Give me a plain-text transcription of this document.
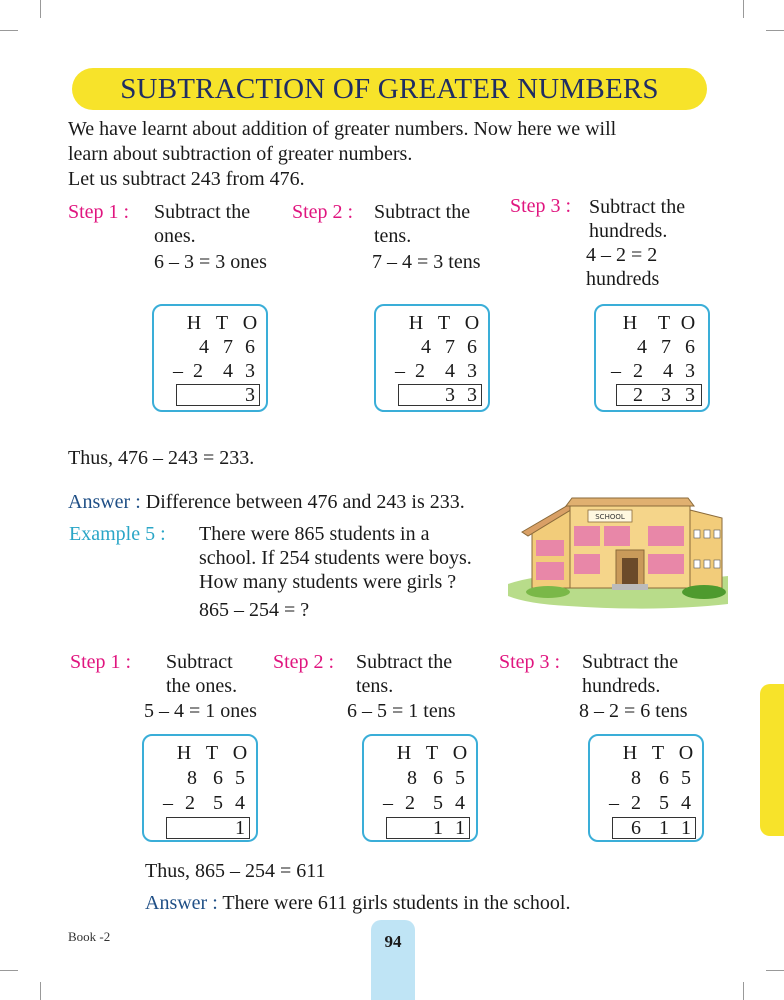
SUBTRACTION OF GREATER NUMBERS
We have learnt about addition of greater numbers. Now here we will
learn about subtraction of greater numbers.
Let us subtract 243 from 476.
Step 1 : Subtract the
ones.
6 – 3 = 3 ones
Step 2 : Subtract the
tens.
7 – 4 = 3 tens
Step 3 : Subtract the
hundreds.
4 – 2 = 2
hundreds
H T O
4 7 6
– 2 4 3
3
H T O
4 7 6
– 2 4 3
3 3
H T O
4 7 6
– 2 4 3
2 3 3
Thus, 476 – 243 = 233.
Answer : Difference between 476 and 243 is 233.
Example 5 : There were 865 students in a
school. If 254 students were boys.
How many students were girls ?
865 – 254 = ?
SCHOOL
Step 1 : Subtract
the ones.
5 – 4 = 1 ones
Step 2 : Subtract the
tens.
6 – 5 = 1 tens
Step 3 : Subtract the
hundreds.
8 – 2 = 6 tens
H T O
8 6 5
– 2 5 4
1
H T O
8 6 5
– 2 5 4
1 1
H T O
8 6 5
– 2 5 4
6 1 1
Thus, 865 – 254 = 611
Answer : There were 611 girls students in the school.
Book -2	94
